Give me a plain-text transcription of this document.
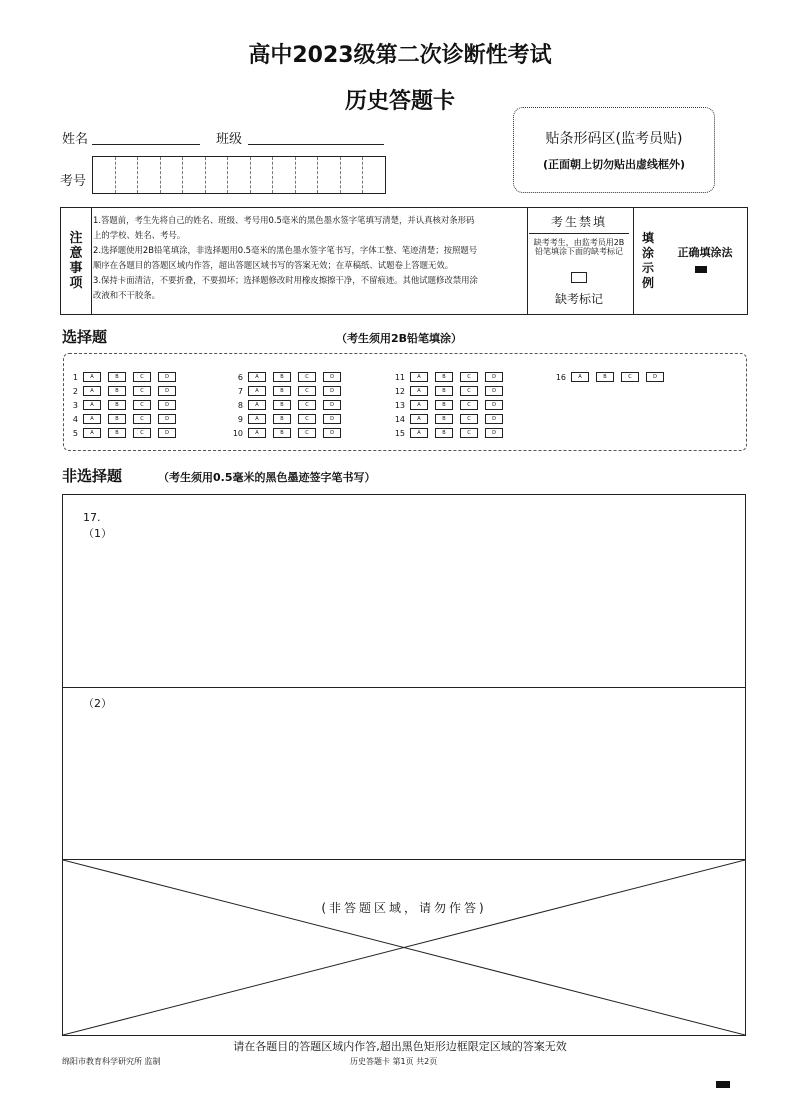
高中2023级第二次诊断性考试
历史答题卡
姓名	班级
考号
贴条形码区(监考员贴)
(正面朝上切勿贴出虚线框外)
注
意
事
项
1.答题前，考生先将自己的姓名、班级、考号用0.5毫米的黑色墨水签字笔填写清楚，并认真核对条形码
上的学校、姓名、考号。
2.选择题使用2B铅笔填涂，非选择题用0.5毫米的黑色墨水签字笔书写，字体工整、笔迹清楚；按照题号
顺序在各题目的答题区域内作答，超出答题区域书写的答案无效；在草稿纸、试题卷上答题无效。
3.保持卡面清洁，不要折叠，不要损坏；选择题修改时用橡皮擦擦干净，不留痕迹。其他试题修改禁用涂
改液和不干胶条。
考生禁填
缺考考生，由监考员用2B铅笔填涂下面的缺考标记
缺考标记
填
涂
示
例
正确填涂法
选择题	（考生须用2B铅笔填涂）
1	A	B	C	D
2	A	B	C	D
3	A	B	C	D
4	A	B	C	D
5	A	B	C	D
6	A	B	C	D
7	A	B	C	D
8	A	B	C	D
9	A	B	C	D
10	A	B	C	D
11	A	B	C	D
12	A	B	C	D
13	A	B	C	D
14	A	B	C	D
15	A	B	C	D
16	A	B	C	D
非选择题	（考生须用0.5毫米的黑色墨迹签字笔书写）
17.
（1）
（2）
(非答题区域，请勿作答)
请在各题目的答题区域内作答,超出黑色矩形边框限定区域的答案无效
绵阳市教育科学研究所 监制	历史答题卡 第1页 共2页
